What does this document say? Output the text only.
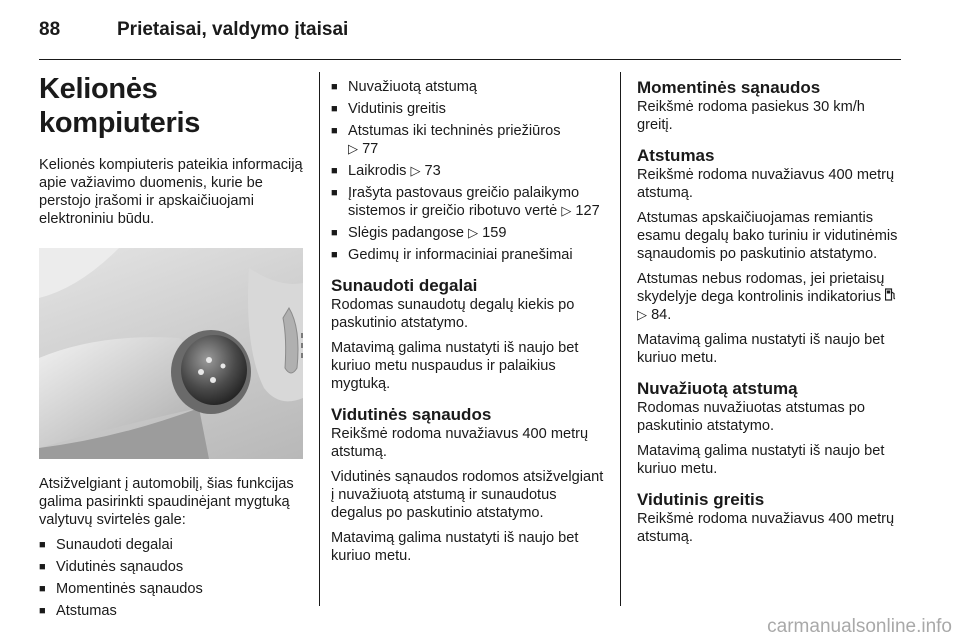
88	Prietaisai, valdymo įtaisai
Kelionės kompiuteris

Kelionės kompiuteris pateikia informaciją apie važiavimo duomenis, kurie be perstojo įrašomi ir apskaičiuojami elektroniniu būdu.

Atsižvelgiant į automobilį, šias funkcijas galima pasirinkti spaudinėjant mygtuką valytuvų svirtelės gale:

■ Sunaudoti degalai
■ Vidutinės sąnaudos
■ Momentinės sąnaudos
■ Atstumas
■ Nuvažiuotą atstumą
■ Vidutinis greitis
■ Atstumas iki techninės priežiūros
▷ 77
■ Laikrodis ▷ 73
■ Įrašyta pastovaus greičio palaikymo sistemos ir greičio ribotuvo vertė ▷ 127
■ Slėgis padangose ▷ 159
■ Gedimų ir informaciniai pranešimai
Sunaudoti degalai

Rodomas sunaudotų degalų kiekis po paskutinio atstatymo.

Matavimą galima nustatyti iš naujo bet kuriuo metu nuspaudus ir palaikius mygtuką.

Vidutinės sąnaudos

Reikšmė rodoma nuvažiavus 400 metrų atstumą.

Vidutinės sąnaudos rodomos atsižvelgiant į nuvažiuotą atstumą ir sunaudotus degalus po paskutinio atstatymo.

Matavimą galima nustatyti iš naujo bet kuriuo metu.

Momentinės sąnaudos

Reikšmė rodoma pasiekus 30 km/h greitį.

Atstumas

Reikšmė rodoma nuvažiavus 400 metrų atstumą.

Atstumas apskaičiuojamas remiantis esamu degalų bako turiniu ir vidutinėmis sąnaudomis po paskutinio atstatymo.

Atstumas nebus rodomas, jei prietaisų skydelyje dega kontrolinis indikatorius  ▷ 84.

Matavimą galima nustatyti iš naujo bet kuriuo metu.

Nuvažiuotą atstumą

Rodomas nuvažiuotas atstumas po paskutinio atstatymo.

Matavimą galima nustatyti iš naujo bet kuriuo metu.

Vidutinis greitis

Reikšmė rodoma nuvažiavus 400 metrų atstumą.

carmanualsonline.info
